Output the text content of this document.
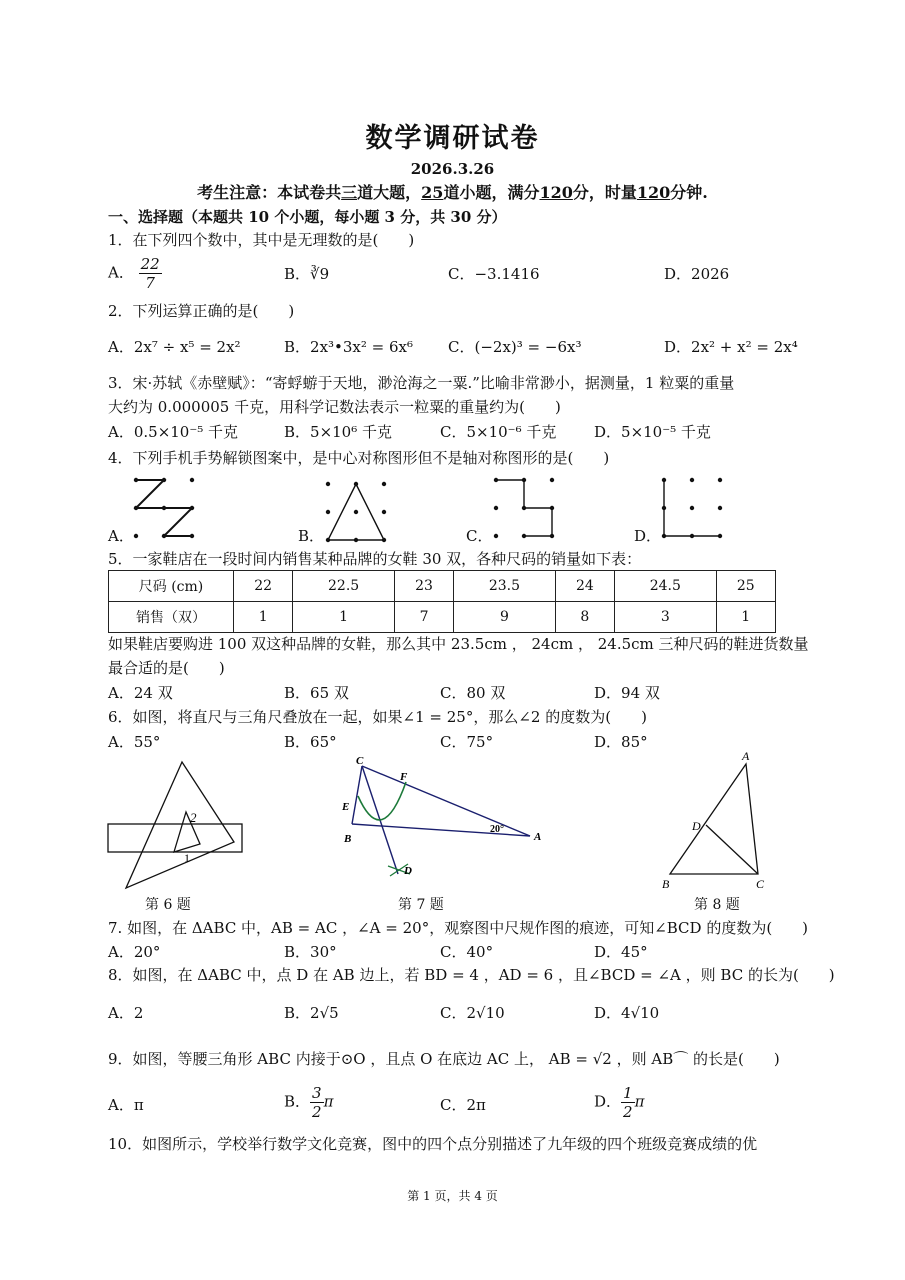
数学调研试卷
2026.3.26
考生注意：本试卷共三道大题，25道小题，满分120分，时量120分钟.
一、选择题（本题共 10 个小题，每小题 3 分，共 30 分）
1．在下列四个数中，其中是无理数的是(　　)
A． $\frac{22}{7}$	B．∛9	C．−3.1416	D．2026
2．下列运算正确的是(　　)
A．2x⁷ ÷ x⁵ = 2x²	B．2x³•3x² = 6x⁶ C．(−2x)³ = −6x³	D．2x² + x² = 2x⁴
3．宋·苏轼《赤壁赋》：“寄蜉蝣于天地，渺沧海之一粟.”比喻非常渺小，据测量，1 粒粟的重量
大约为 0.000005 千克，用科学记数法表示一粒粟的重量约为(　　)
A．0.5×10⁻⁵ 千克	B．5×10⁶ 千克	C．5×10⁻⁶ 千克	D．5×10⁻⁵ 千克
4．下列手机手势解锁图案中，是中心对称图形但不是轴对称图形的是(　　)
A．	B．	C．	D．
5．一家鞋店在一段时间内销售某种品牌的女鞋 30 双，各种尺码的销量如下表：
尺码 (cm)	22	22.5	23	23.5	24	24.5	25
销售（双）	1	1	7	9	8	3	1
如果鞋店要购进 100 双这种品牌的女鞋，那么其中 23.5cm ， 24cm ， 24.5cm 三种尺码的鞋进货数量
最合适的是(　　)
A．24 双	B．65 双	C．80 双	D．94 双
6．如图，将直尺与三角尺叠放在一起，如果∠1 = 25°，那么∠2 的度数为(　　)
A．55°	B．65°	C．75°	D．85°
2
1
第 6 题
C
F
E
B	A
D
20°
第 7 题
A
D
B	C
第 8 题
7. 如图，在 ΔABC 中，AB = AC ，∠A = 20°，观察图中尺规作图的痕迹，可知∠BCD 的度数为(　　)
A．20°	B．30°	C．40°	D．45°
8．如图，在 ΔABC 中，点 D 在 AB 边上，若 BD = 4 ，AD = 6 ，且∠BCD = ∠A ，则 BC 的长为(　　)
A．2	B．2√5	C．2√10	D．4√10
9．如图，等腰三角形 ABC 内接于⊙O ，且点 O 在底边 AC 上， AB = √2 ，则 AB⌒ 的长是(　　)
A．π	B． $\frac{3}{2}$ π	C．2π	D． $\frac{1}{2}$ π
10．如图所示，学校举行数学文化竞赛，图中的四个点分别描述了九年级的四个班级竞赛成绩的优
第 1 页，共 4 页
